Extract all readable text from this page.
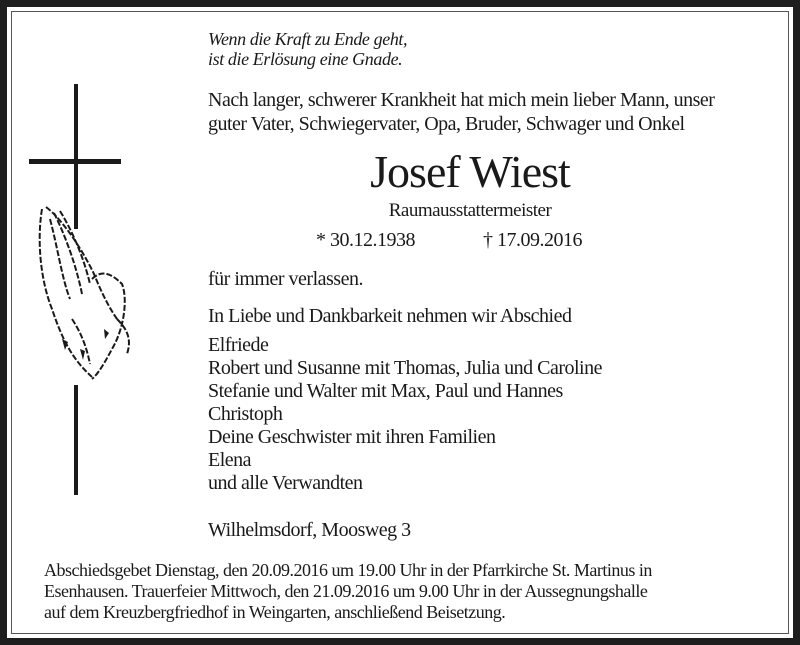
Wenn die Kraft zu Ende geht,
ist die Erlösung eine Gnade.
Nach langer, schwerer Krankheit hat mich mein lieber Mann, unser
guter Vater, Schwiegervater, Opa, Bruder, Schwager und Onkel
Josef Wiest
Raumausstattermeister
* 30.12.1938	† 17.09.2016
für immer verlassen.
In Liebe und Dankbarkeit nehmen wir Abschied
Elfriede
Robert und Susanne mit Thomas, Julia und Caroline
Stefanie und Walter mit Max, Paul und Hannes
Christoph
Deine Geschwister mit ihren Familien
Elena
und alle Verwandten
Wilhelmsdorf, Moosweg 3
Abschiedsgebet Dienstag, den 20.09.2016 um 19.00 Uhr in der Pfarrkirche St. Martinus in
Esenhausen. Trauerfeier Mittwoch, den 21.09.2016 um 9.00 Uhr in der Aussegnungshalle
auf dem Kreuzbergfriedhof in Weingarten, anschließend Beisetzung.
